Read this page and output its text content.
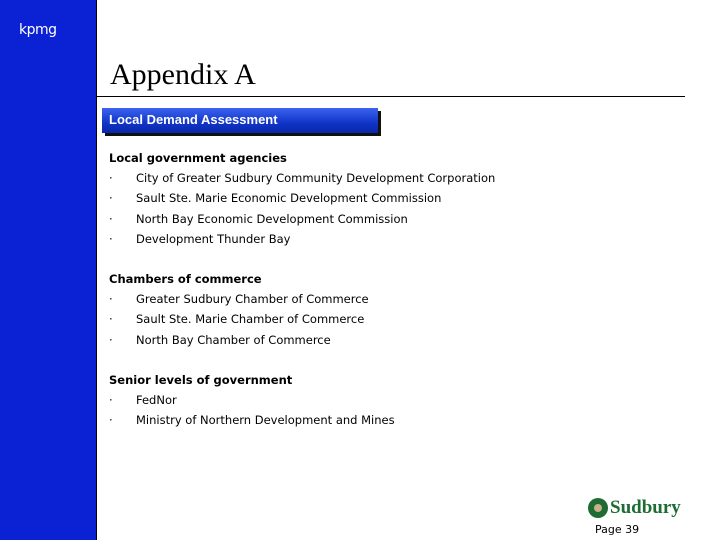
kpmg
Appendix A
Local Demand Assessment
Local government agencies
· City of Greater Sudbury Community Development Corporation
· Sault Ste. Marie Economic Development Commission
· North Bay Economic Development Commission
· Development Thunder Bay
Chambers of commerce
· Greater Sudbury Chamber of Commerce
· Sault Ste. Marie Chamber of Commerce
· North Bay Chamber of Commerce
Senior levels of government
· FedNor
· Ministry of Northern Development and Mines
Sudbury
Page 39
